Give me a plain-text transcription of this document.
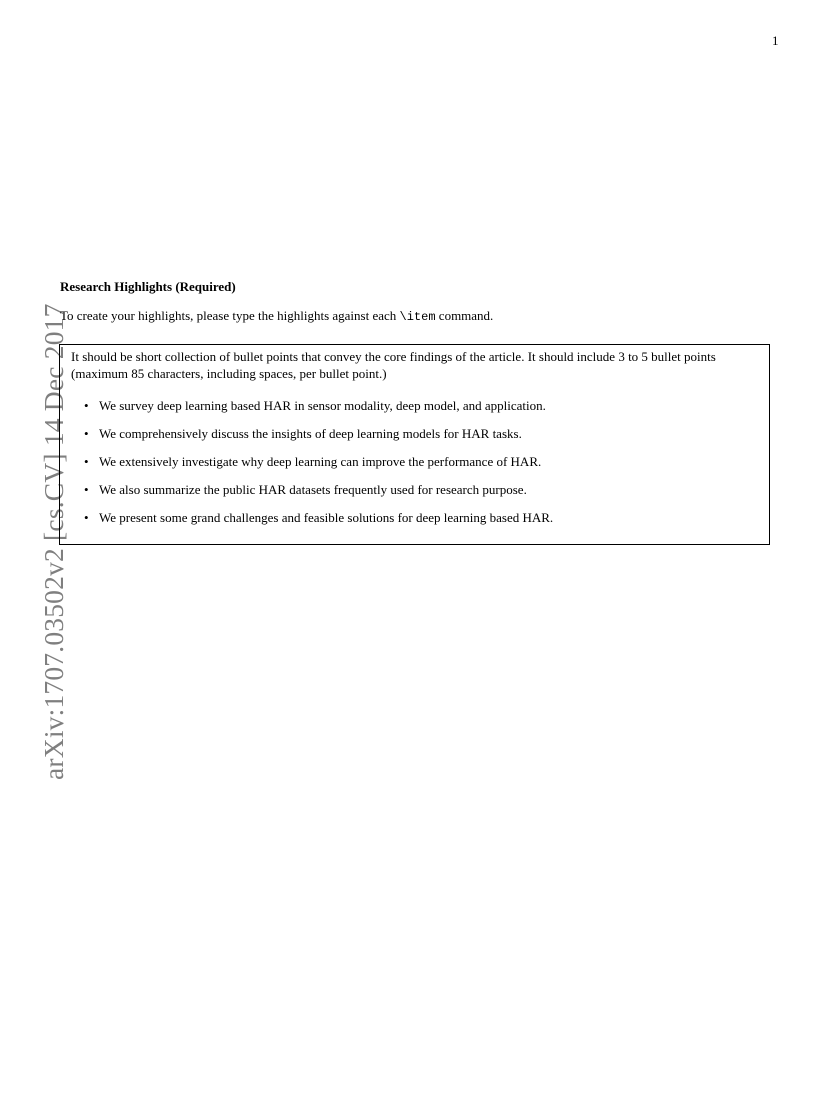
1
arXiv:1707.03502v2 [cs.CV] 14 Dec 2017
Research Highlights (Required)
To create your highlights, please type the highlights against each \item command.
It should be short collection of bullet points that convey the core findings of the article. It should include 3 to 5 bullet points (maximum 85 characters, including spaces, per bullet point.)
• We survey deep learning based HAR in sensor modality, deep model, and application.
• We comprehensively discuss the insights of deep learning models for HAR tasks.
• We extensively investigate why deep learning can improve the performance of HAR.
• We also summarize the public HAR datasets frequently used for research purpose.
• We present some grand challenges and feasible solutions for deep learning based HAR.
